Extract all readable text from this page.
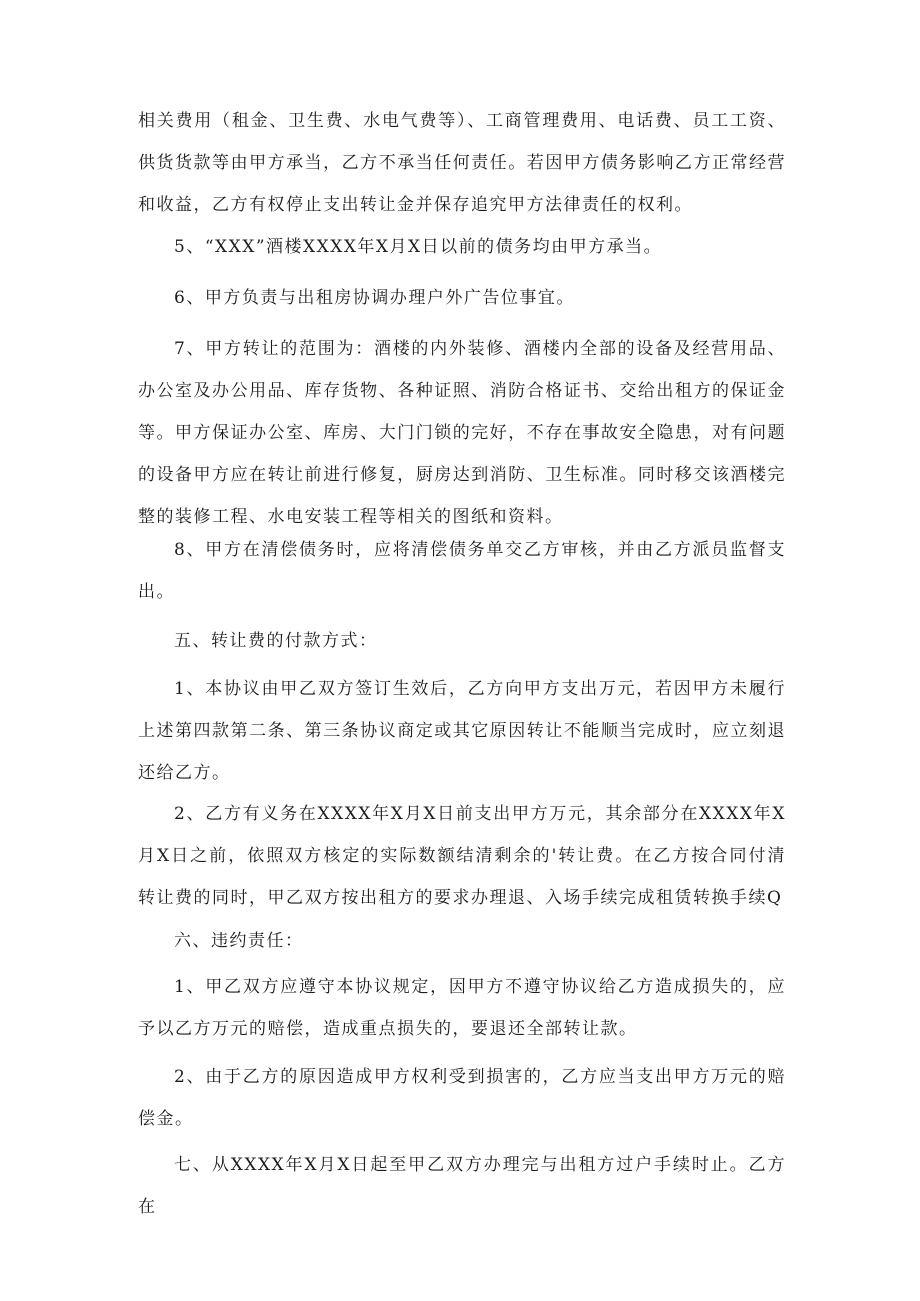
相关费用（租金、卫生费、水电气费等）、工商管理费用、电话费、员工工资、供货货款等由甲方承当，乙方不承当任何责任。若因甲方债务影响乙方正常经营和收益，乙方有权停止支出转让金并保存追究甲方法律责任的权利。

5、“XXX”酒楼XXXX年X月X日以前的债务均由甲方承当。

6、甲方负责与出租房协调办理户外广告位事宜。

7、甲方转让的范围为：酒楼的内外装修、酒楼内全部的设备及经营用品、办公室及办公用品、库存货物、各种证照、消防合格证书、交给出租方的保证金等。甲方保证办公室、库房、大门门锁的完好，不存在事故安全隐患，对有问题的设备甲方应在转让前进行修复，厨房达到消防、卫生标准。同时移交该酒楼完整的装修工程、水电安装工程等相关的图纸和资料。

8、甲方在清偿债务时，应将清偿债务单交乙方审核，并由乙方派员监督支出。

五、转让费的付款方式：

1、本协议由甲乙双方签订生效后，乙方向甲方支出万元，若因甲方未履行上述第四款第二条、第三条协议商定或其它原因转让不能顺当完成时，应立刻退还给乙方。

2、乙方有义务在XXXX年X月X日前支出甲方万元，其余部分在XXXX年X月X日之前，依照双方核定的实际数额结清剩余的'转让费。在乙方按合同付清转让费的同时，甲乙双方按出租方的要求办理退、入场手续完成租赁转换手续Q

六、违约责任：

1、甲乙双方应遵守本协议规定，因甲方不遵守协议给乙方造成损失的，应予以乙方万元的赔偿，造成重点损失的，要退还全部转让款。

2、由于乙方的原因造成甲方权利受到损害的，乙方应当支出甲方万元的赔偿金。

七、从XXXX年X月X日起至甲乙双方办理完与出租方过户手续时止。乙方在
